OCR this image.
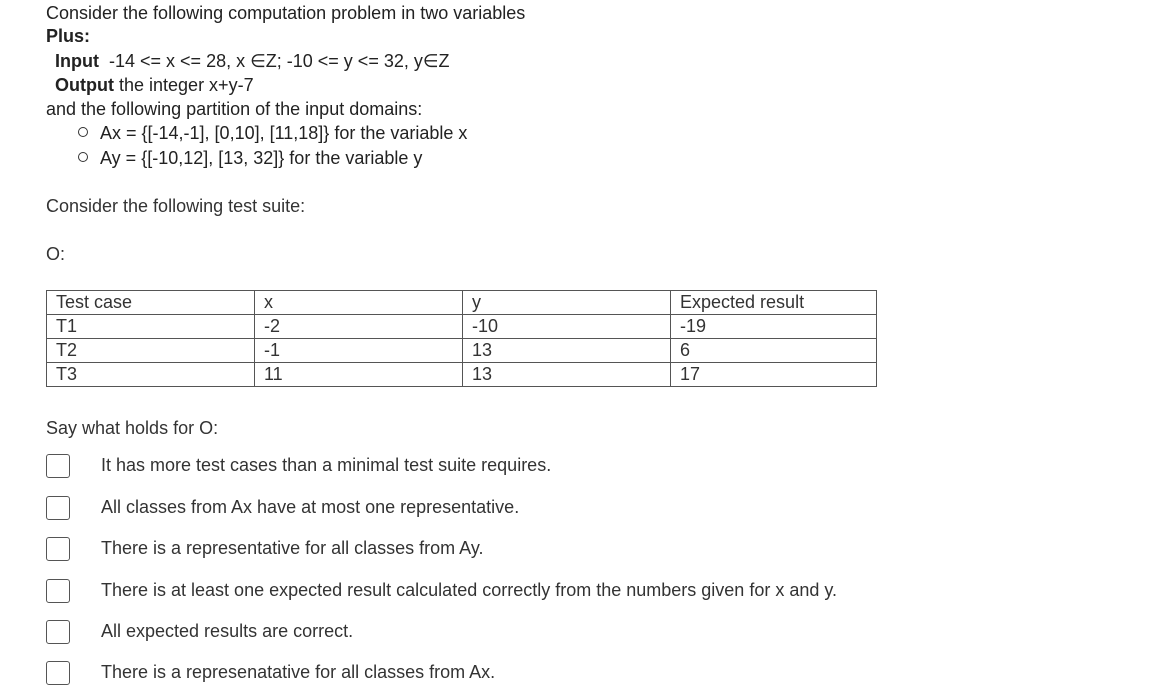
Consider the following computation problem in two variables
Plus:
Input -14 <= x <= 28, x ∈Z; -10 <= y <= 32, y∈Z
Output the integer x+y-7
and the following partition of the input domains:
Ax = {[-14,-1], [0,10], [11,18]} for the variable x
Ay = {[-10,12], [13, 32]} for the variable y
Consider the following test suite:
O:
Test case	x	y	Expected result
T1	-2	-10	-19
T2	-1	13	6
T3	11	13	17
Say what holds for O:
It has more test cases than a minimal test suite requires.
All classes from Ax have at most one representative.
There is a representative for all classes from Ay.
There is at least one expected result calculated correctly from the numbers given for x and y.
All expected results are correct.
There is a represenatative for all classes from Ax.
